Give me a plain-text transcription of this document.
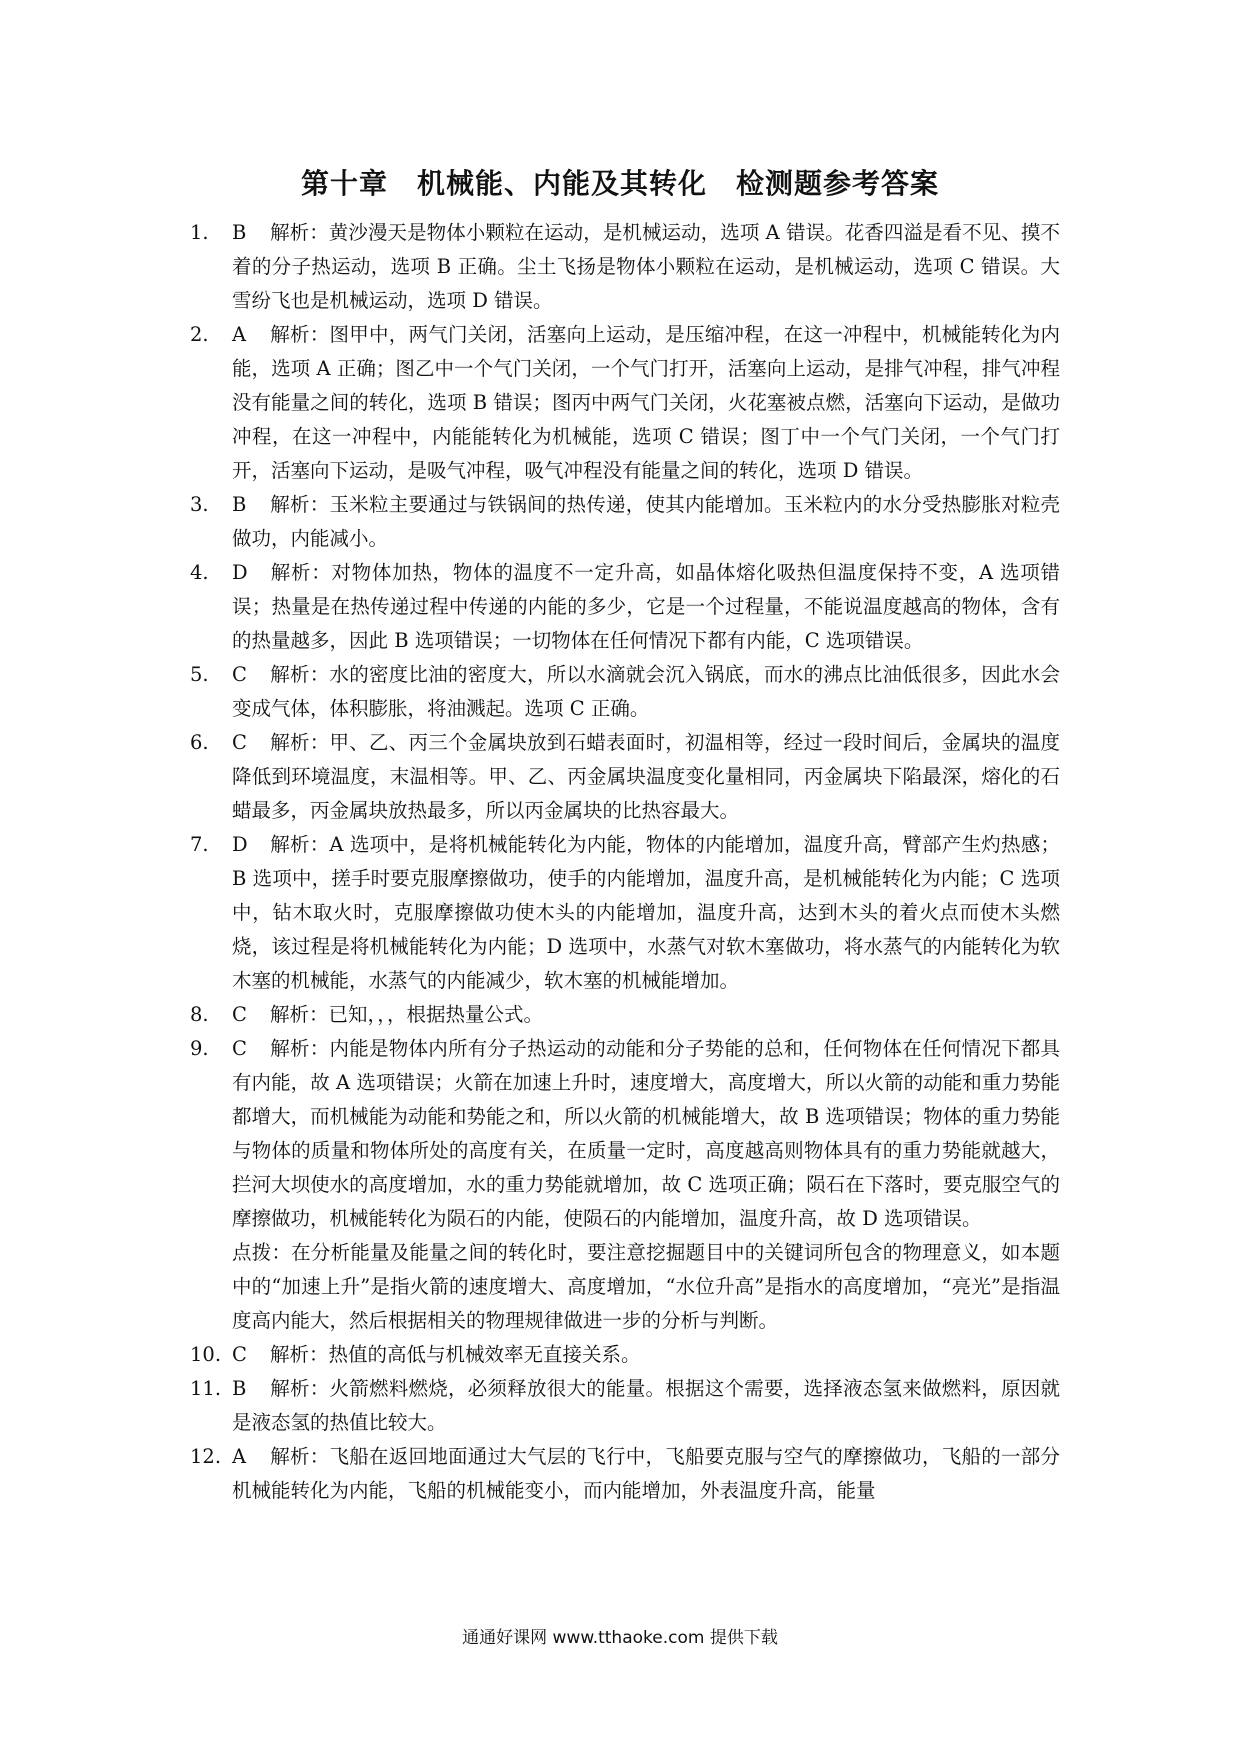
第十章　机械能、内能及其转化　检测题参考答案
1.	B 解析：黄沙漫天是物体小颗粒在运动，是机械运动，选项 A 错误。花香四溢是看不见、摸不着的分子热运动，选项 B 正确。尘土飞扬是物体小颗粒在运动，是机械运动，选项 C 错误。大雪纷飞也是机械运动，选项 D 错误。
2.	A 解析：图甲中，两气门关闭，活塞向上运动，是压缩冲程，在这一冲程中，机械能转化为内能，选项 A 正确；图乙中一个气门关闭，一个气门打开，活塞向上运动，是排气冲程，排气冲程没有能量之间的转化，选项 B 错误；图丙中两气门关闭，火花塞被点燃，活塞向下运动，是做功冲程，在这一冲程中，内能能转化为机械能，选项 C 错误；图丁中一个气门关闭，一个气门打开，活塞向下运动，是吸气冲程，吸气冲程没有能量之间的转化，选项 D 错误。
3.	B 解析：玉米粒主要通过与铁锅间的热传递，使其内能增加。玉米粒内的水分受热膨胀对粒壳做功，内能减小。
4.	D 解析：对物体加热，物体的温度不一定升高，如晶体熔化吸热但温度保持不变，A 选项错误；热量是在热传递过程中传递的内能的多少，它是一个过程量，不能说温度越高的物体，含有的热量越多，因此 B 选项错误；一切物体在任何情况下都有内能，C 选项错误。
5.	C 解析：水的密度比油的密度大，所以水滴就会沉入锅底，而水的沸点比油低很多，因此水会变成气体，体积膨胀，将油溅起。选项 C 正确。
6.	C 解析：甲、乙、丙三个金属块放到石蜡表面时，初温相等，经过一段时间后，金属块的温度降低到环境温度，末温相等。甲、乙、丙金属块温度变化量相同，丙金属块下陷最深，熔化的石蜡最多，丙金属块放热最多，所以丙金属块的比热容最大。
7.	D 解析：A 选项中，是将机械能转化为内能，物体的内能增加，温度升高，臂部产生灼热感；B 选项中，搓手时要克服摩擦做功，使手的内能增加，温度升高，是机械能转化为内能；C 选项中，钻木取火时，克服摩擦做功使木头的内能增加，温度升高，达到木头的着火点而使木头燃烧，该过程是将机械能转化为内能；D 选项中，水蒸气对软木塞做功，将水蒸气的内能转化为软木塞的机械能，水蒸气的内能减少，软木塞的机械能增加。
8.	C 解析：已知，，，根据热量公式。
9.	C 解析：内能是物体内所有分子热运动的动能和分子势能的总和，任何物体在任何情况下都具有内能，故 A 选项错误；火箭在加速上升时，速度增大，高度增大，所以火箭的动能和重力势能都增大，而机械能为动能和势能之和，所以火箭的机械能增大，故 B 选项错误；物体的重力势能与物体的质量和物体所处的高度有关，在质量一定时，高度越高则物体具有的重力势能就越大，拦河大坝使水的高度增加，水的重力势能就增加，故 C 选项正确；陨石在下落时，要克服空气的摩擦做功，机械能转化为陨石的内能，使陨石的内能增加，温度升高，故 D 选项错误。
点拨：在分析能量及能量之间的转化时，要注意挖掘题目中的关键词所包含的物理意义，如本题中的“加速上升”是指火箭的速度增大、高度增加，“水位升高”是指水的高度增加，“亮光”是指温度高内能大，然后根据相关的物理规律做进一步的分析与判断。
10. C 解析：热值的高低与机械效率无直接关系。
11. B 解析：火箭燃料燃烧，必须释放很大的能量。根据这个需要，选择液态氢来做燃料，原因就是液态氢的热值比较大。
12. A 解析：飞船在返回地面通过大气层的飞行中，飞船要克服与空气的摩擦做功，飞船的一部分机械能转化为内能，飞船的机械能变小，而内能增加，外表温度升高，能量
通通好课网 www.tthaoke.com 提供下载
